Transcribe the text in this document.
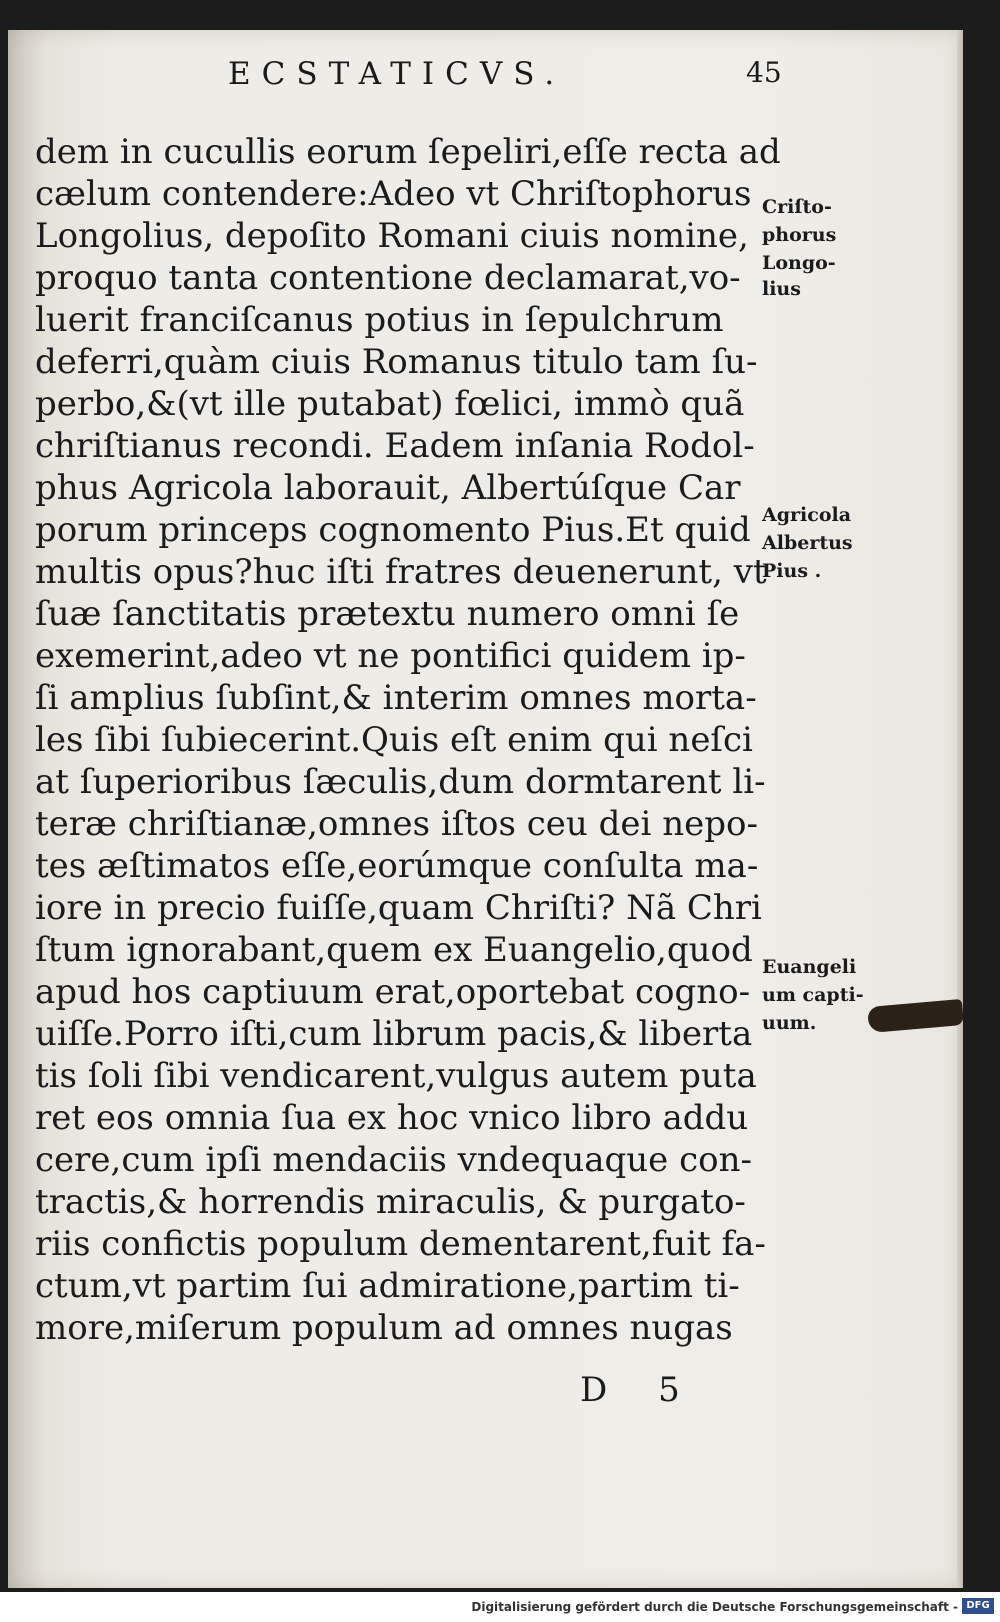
ECSTATICVS.	45
dem in cucullis eorum ſepeliri,eſſe recta ad
cælum contendere:Adeo vt Chriſtophorus
Longolius, depoſito Romani ciuis nomine,
proquo tanta contentione declamarat,vo-
luerit franciſcanus potius in ſepulchrum
deferri,quàm ciuis Romanus titulo tam ſu-
perbo,&(vt ille putabat) fœlici, immò quã
chriſtianus recondi. Eadem inſania Rodol-
phus Agricola laborauit, Albertúſque Car
porum princeps cognomento Pius.Et quid
multis opus?huc iſti fratres deuenerunt, vt
ſuæ ſanctitatis prætextu numero omni ſe
exemerint,adeo vt ne pontifici quidem ip-
ſi amplius ſubſint,& interim omnes morta-
les ſibi ſubiecerint.Quis eſt enim qui neſci
at ſuperioribus ſæculis,dum dormtarent li-
teræ chriſtianæ,omnes iſtos ceu dei nepo-
tes æſtimatos eſſe,eorúmque conſulta ma-
iore in precio fuiſſe,quam Chriſti? Nã Chri
ſtum ignorabant,quem ex Euangelio,quod
apud hos captiuum erat,oportebat cogno-
uiſſe.Porro iſti,cum librum pacis,& liberta
tis ſoli ſibi vendicarent,vulgus autem puta
ret eos omnia ſua ex hoc vnico libro addu
cere,cum ipſi mendaciis vndequaque con-
tractis,& horrendis miraculis, & purgato-
riis confictis populum dementarent,fuit fa-
ctum,vt partim ſui admiratione,partim ti-
more,miſerum populum ad omnes nugas
Criſto-
phorus
Longo-
lius
Agricola
Albertus
Pius .
Euangeli
um capti-
uum.
D 5
Digitalisierung gefördert durch die Deutsche Forschungsgemeinschaft - DFG
